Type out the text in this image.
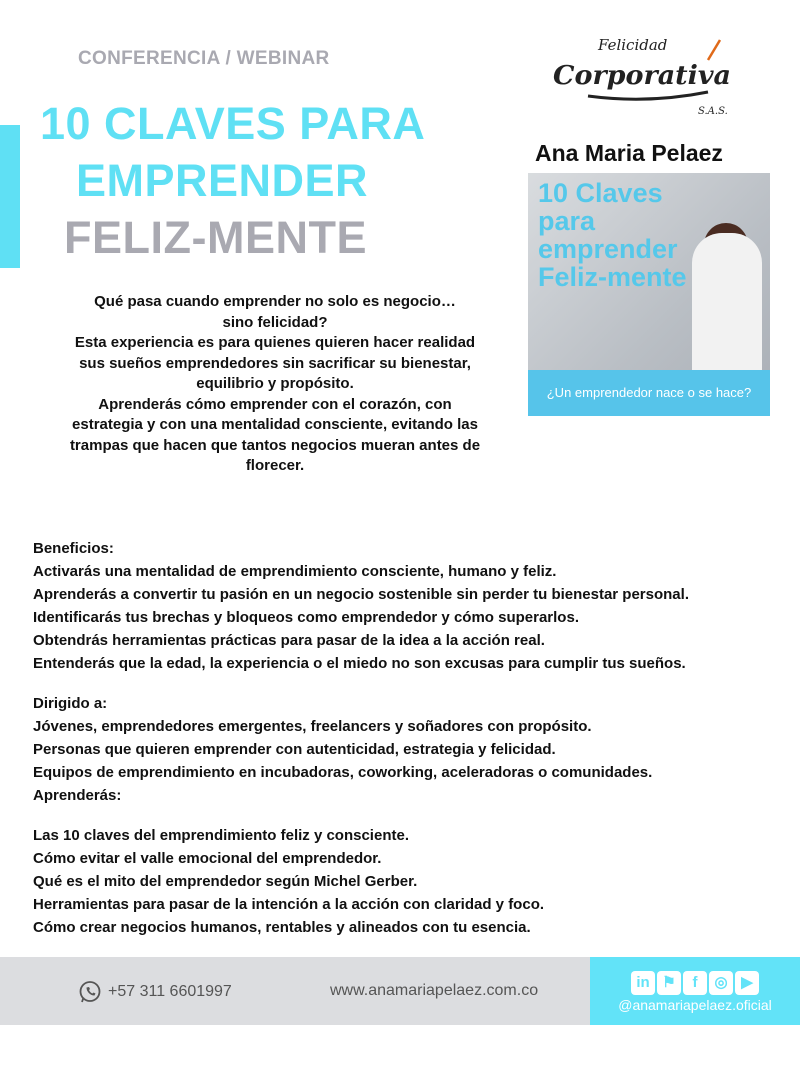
CONFERENCIA / WEBINAR
10 CLAVES PARA
EMPRENDER
FELIZ-MENTE
Felicidad
Corporativa
S.A.S.
Ana Maria Pelaez
10 Claves
para
emprender
Feliz-mente
¿Un emprendedor nace o se hace?
Qué pasa cuando emprender no solo es negocio…
sino felicidad?
Esta experiencia es para quienes quieren hacer realidad
sus sueños emprendedores sin sacrificar su bienestar,
equilibrio y propósito.
Aprenderás cómo emprender con el corazón, con
estrategia y con una mentalidad consciente, evitando las
trampas que hacen que tantos negocios mueran antes de
florecer.
Beneficios:
Activarás una mentalidad de emprendimiento consciente, humano y feliz.
Aprenderás a convertir tu pasión en un negocio sostenible sin perder tu bienestar personal.
Identificarás tus brechas y bloqueos como emprendedor y cómo superarlos.
Obtendrás herramientas prácticas para pasar de la idea a la acción real.
Entenderás que la edad, la experiencia o el miedo no son excusas para cumplir tus sueños.
Dirigido a:
Jóvenes, emprendedores emergentes, freelancers y soñadores con propósito.
Personas que quieren emprender con autenticidad, estrategia y felicidad.
Equipos de emprendimiento en incubadoras, coworking, aceleradoras o comunidades.
Aprenderás:
Las 10 claves del emprendimiento feliz y consciente.
Cómo evitar el valle emocional del emprendedor.
Qué es el mito del emprendedor según Michel Gerber.
Herramientas para pasar de la intención a la acción con claridad y foco.
Cómo crear negocios humanos, rentables y alineados con tu esencia.
+57 311 6601997	www.anamariapelaez.com.co	in ⚑ f ◎ ▶
@anamariapelaez.oficial
